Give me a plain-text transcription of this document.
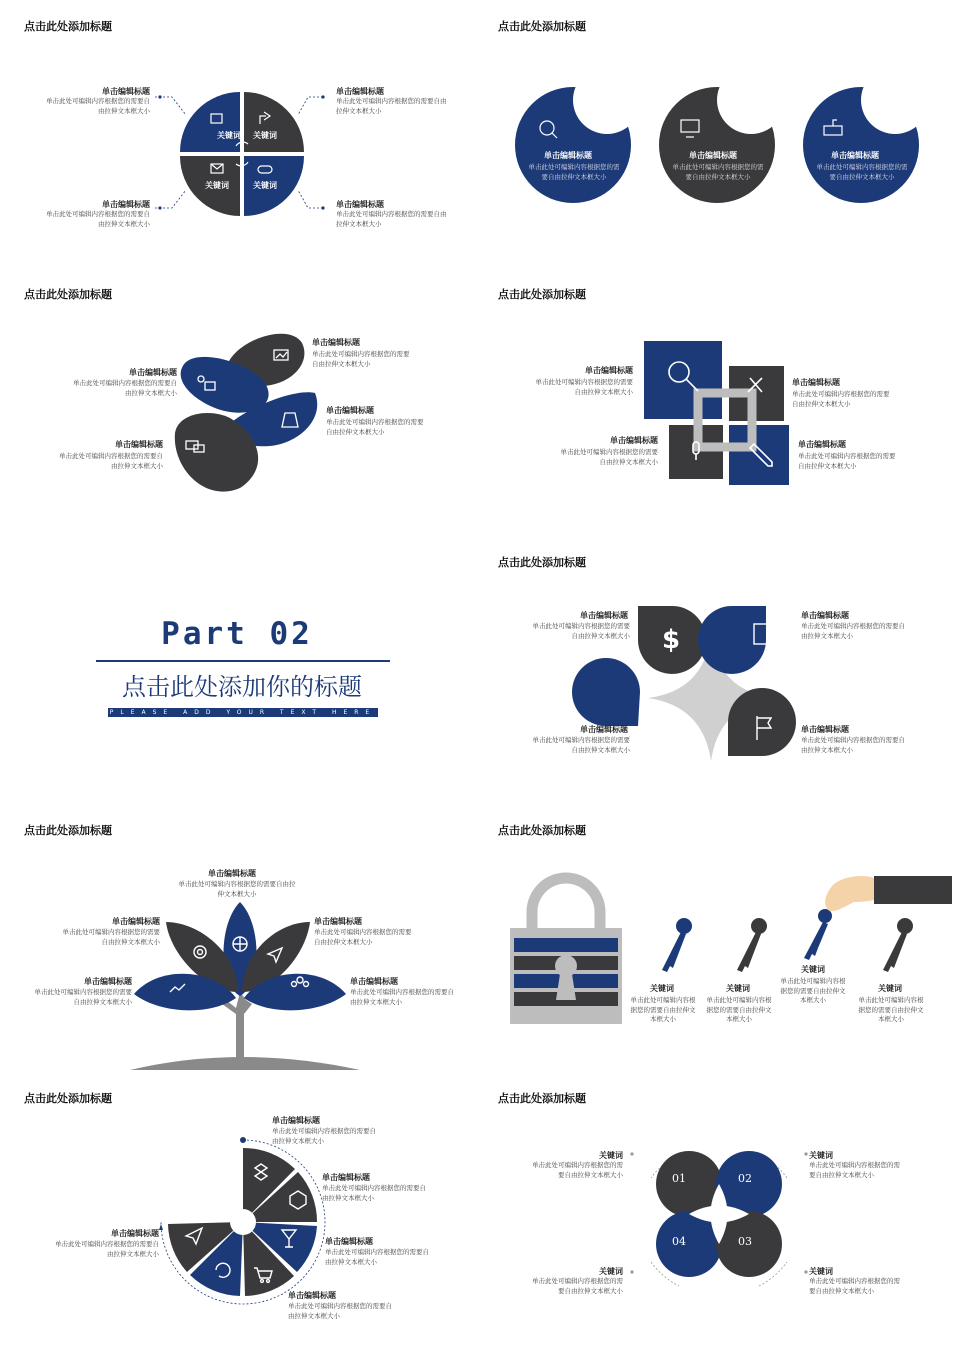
点击此处添加标题
关键词 关键词
关键词	关键词
单击编辑标题
单击此处可编辑内容根据您的需要自由拉伸文本框大小
单击编辑标题
单击此处可编辑内容根据您的需要自由拉伸文本框大小
单击编辑标题
单击此处可编辑内容根据您的需要自由拉伸文本框大小
单击编辑标题
单击此处可编辑内容根据您的需要自由拉伸文本框大小
点击此处添加标题
单击编辑标题
单击此处可编辑内容根据您的需要自由拉伸文本框大小
单击编辑标题
单击此处可编辑内容根据您的需要自由拉伸文本框大小
单击编辑标题
单击此处可编辑内容根据您的需要自由拉伸文本框大小
点击此处添加标题
单击编辑标题
单击此处可编辑内容根据您的需要自由拉伸文本框大小
单击编辑标题
单击此处可编辑内容根据您的需要自由拉伸文本框大小
单击编辑标题
单击此处可编辑内容根据您的需要自由拉伸文本框大小
单击编辑标题
单击此处可编辑内容根据您的需要自由拉伸文本框大小
点击此处添加标题
单击编辑标题
单击此处可编辑内容根据您的需要自由拉伸文本框大小
单击编辑标题
单击此处可编辑内容根据您的需要自由拉伸文本框大小
单击编辑标题
单击此处可编辑内容根据您的需要自由拉伸文本框大小
单击编辑标题
单击此处可编辑内容根据您的需要自由拉伸文本框大小
Part 02
点击此处添加你的标题
PLEASE ADD YOUR TEXT HERE
点击此处添加标题
$
单击编辑标题
单击此处可编辑内容根据您的需要自由拉伸文本框大小
单击编辑标题
单击此处可编辑内容根据您的需要自由拉伸文本框大小
单击编辑标题
单击此处可编辑内容根据您的需要自由拉伸文本框大小
单击编辑标题
单击此处可编辑内容根据您的需要自由拉伸文本框大小
点击此处添加标题
单击编辑标题
单击此处可编辑内容根据您的需要自由拉伸文本框大小
单击编辑标题
单击此处可编辑内容根据您的需要自由拉伸文本框大小
单击编辑标题
单击此处可编辑内容根据您的需要自由拉伸文本框大小
单击编辑标题
单击此处可编辑内容根据您的需要自由拉伸文本框大小
单击编辑标题
单击此处可编辑内容根据您的需要自由拉伸文本框大小
点击此处添加标题
关键词
单击此处可编辑内容根据您的需要自由拉伸文本框大小
关键词
单击此处可编辑内容根据您的需要自由拉伸文本框大小
关键词
单击此处可编辑内容根据您的需要自由拉伸文本框大小
关键词
单击此处可编辑内容根据您的需要自由拉伸文本框大小
点击此处添加标题
单击编辑标题
单击此处可编辑内容根据您的需要自由拉伸文本框大小
单击编辑标题
单击此处可编辑内容根据您的需要自由拉伸文本框大小
单击编辑标题
单击此处可编辑内容根据您的需要自由拉伸文本框大小
单击编辑标题
单击此处可编辑内容根据您的需要自由拉伸文本框大小
单击编辑标题
单击此处可编辑内容根据您的需要自由拉伸文本框大小
点击此处添加标题
01	02
04	03
关键词
单击此处可编辑内容根据您的需要自由拉伸文本框大小
关键词
单击此处可编辑内容根据您的需要自由拉伸文本框大小
关键词
单击此处可编辑内容根据您的需要自由拉伸文本框大小
关键词
单击此处可编辑内容根据您的需要自由拉伸文本框大小
